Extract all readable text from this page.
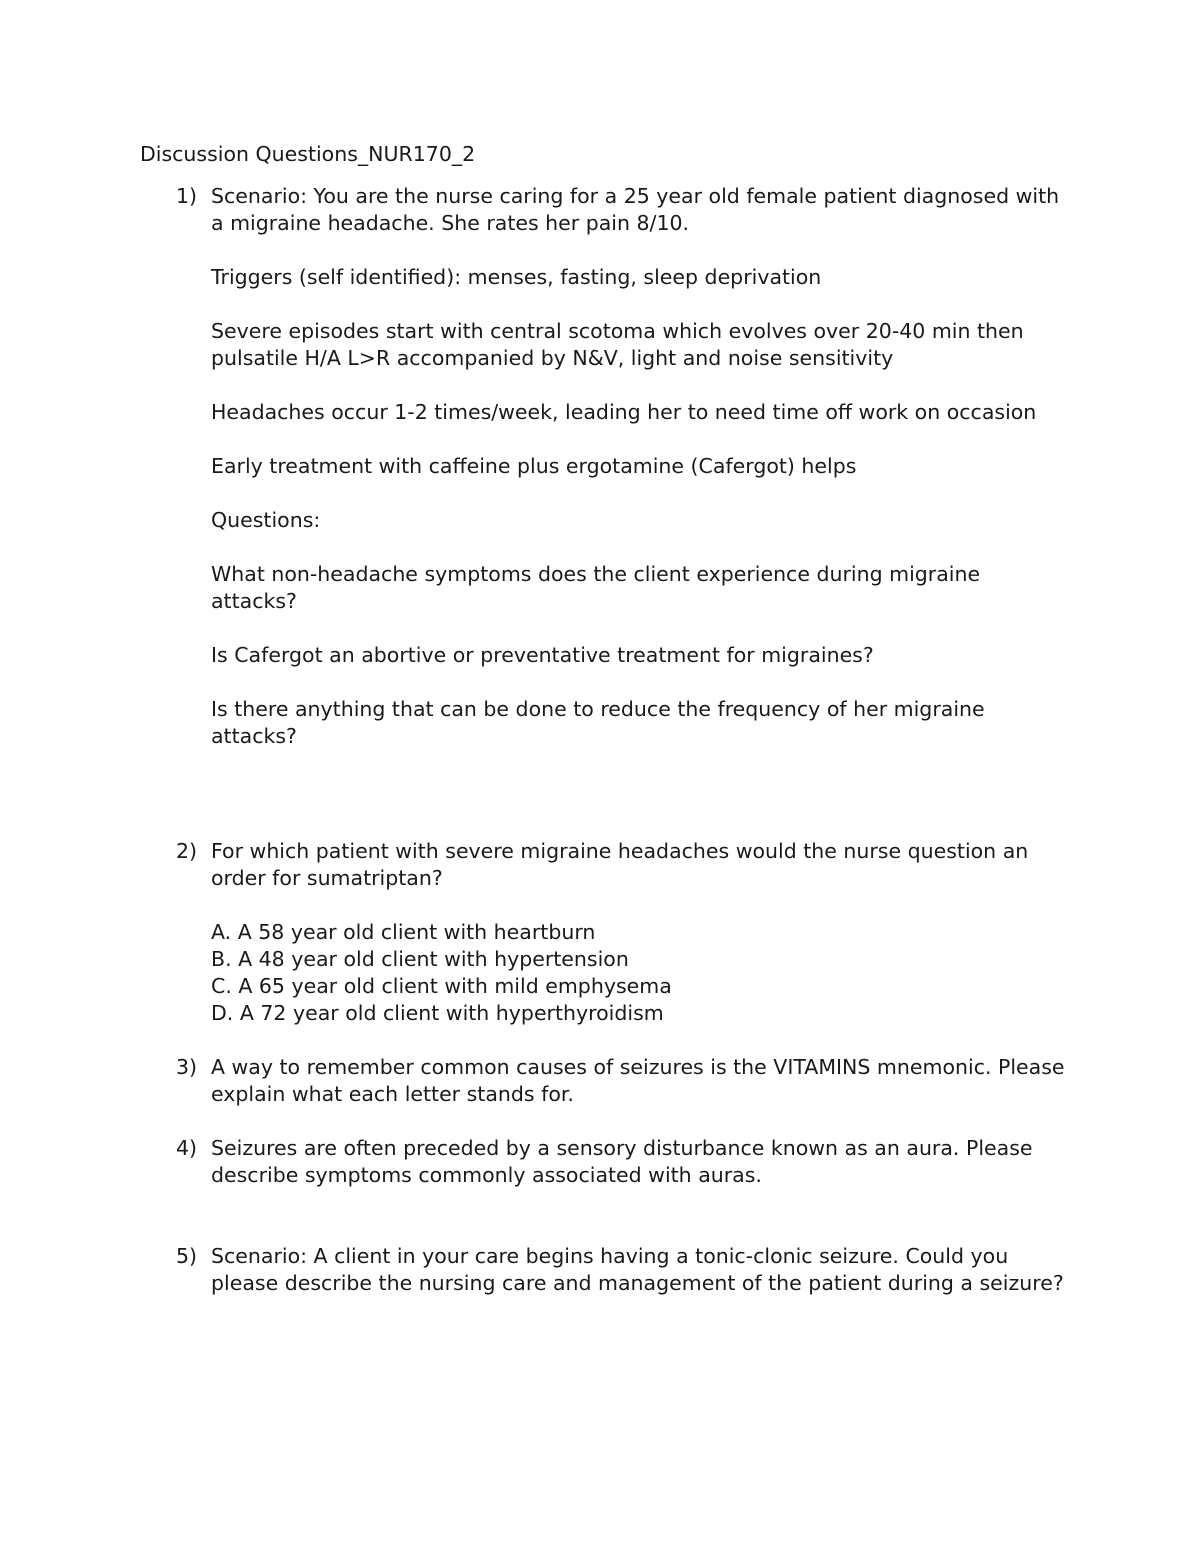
Discussion Questions_NUR170_2
1) Scenario: You are the nurse caring for a 25 year old female patient diagnosed with a migraine headache. She rates her pain 8/10.

Triggers (self identified): menses, fasting, sleep deprivation

Severe episodes start with central scotoma which evolves over 20-40 min then pulsatile H/A L>R accompanied by N&V, light and noise sensitivity

Headaches occur 1-2 times/week, leading her to need time off work on occasion

Early treatment with caffeine plus ergotamine (Cafergot) helps

Questions:

What non-headache symptoms does the client experience during migraine attacks?

Is Cafergot an abortive or preventative treatment for migraines?

Is there anything that can be done to reduce the frequency of her migraine attacks?

2) For which patient with severe migraine headaches would the nurse question an order for sumatriptan?

A. A 58 year old client with heartburn

B. A 48 year old client with hypertension

C. A 65 year old client with mild emphysema

D. A 72 year old client with hyperthyroidism

3) A way to remember common causes of seizures is the VITAMINS mnemonic. Please explain what each letter stands for.

4) Seizures are often preceded by a sensory disturbance known as an aura. Please describe symptoms commonly associated with auras.

5) Scenario: A client in your care begins having a tonic-clonic seizure. Could you please describe the nursing care and management of the patient during a seizure?
